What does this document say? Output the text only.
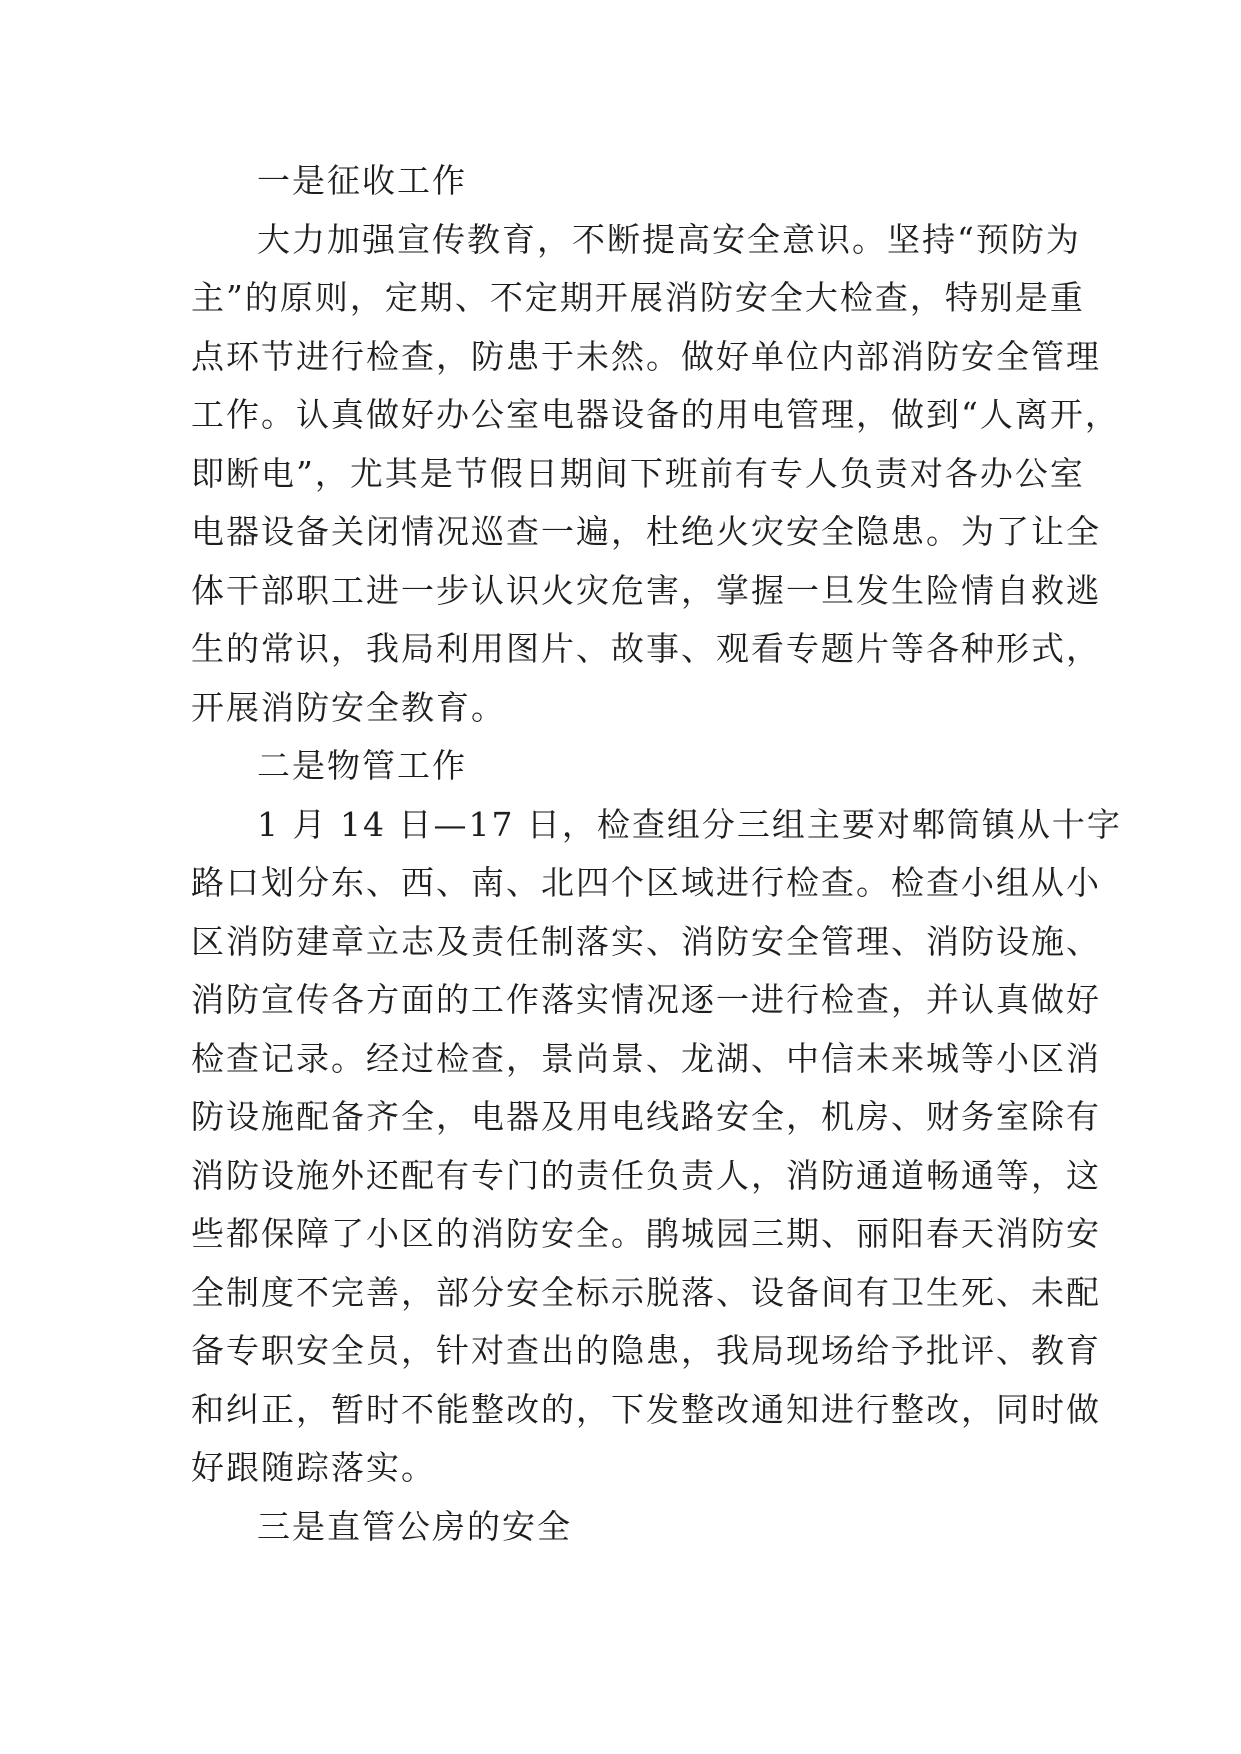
一是征收工作
大力加强宣传教育，不断提高安全意识。坚持“预防为
主”的原则，定期、不定期开展消防安全大检查，特别是重
点环节进行检查，防患于未然。做好单位内部消防安全管理
工作。认真做好办公室电器设备的用电管理，做到“人离开，
即断电”，尤其是节假日期间下班前有专人负责对各办公室
电器设备关闭情况巡查一遍，杜绝火灾安全隐患。为了让全
体干部职工进一步认识火灾危害，掌握一旦发生险情自救逃
生的常识，我局利用图片、故事、观看专题片等各种形式，
开展消防安全教育。
二是物管工作
1 月 14 日—17 日，检查组分三组主要对郫筒镇从十字
路口划分东、西、南、北四个区域进行检查。检查小组从小
区消防建章立志及责任制落实、消防安全管理、消防设施、
消防宣传各方面的工作落实情况逐一进行检查，并认真做好
检查记录。经过检查，景尚景、龙湖、中信未来城等小区消
防设施配备齐全，电器及用电线路安全，机房、财务室除有
消防设施外还配有专门的责任负责人，消防通道畅通等，这
些都保障了小区的消防安全。鹃城园三期、丽阳春天消防安
全制度不完善，部分安全标示脱落、设备间有卫生死、未配
备专职安全员，针对查出的隐患，我局现场给予批评、教育
和纠正，暂时不能整改的，下发整改通知进行整改，同时做
好跟随踪落实。
三是直管公房的安全
